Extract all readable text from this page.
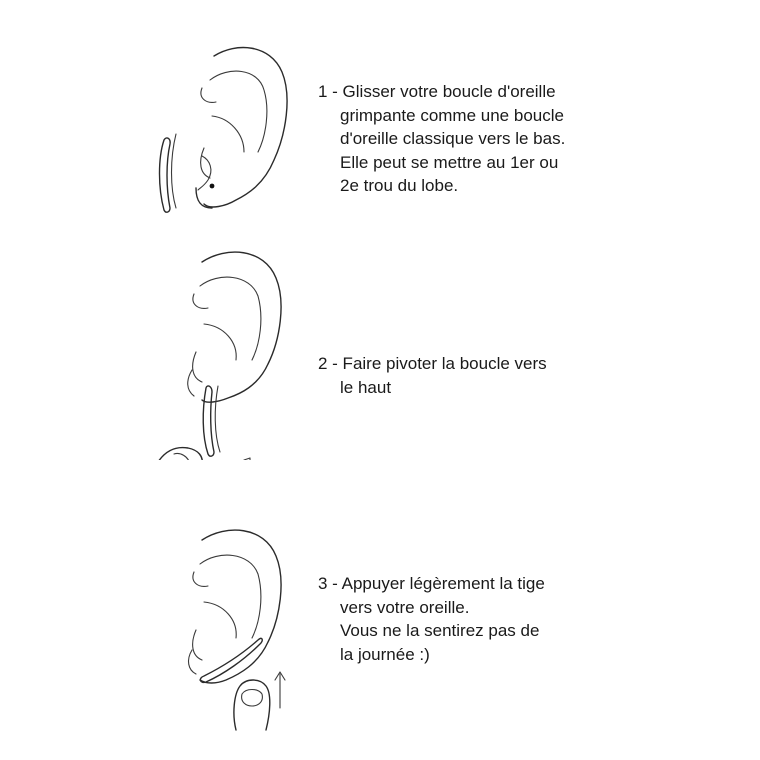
1 - Glisser votre boucle d'oreille
grimpante comme une boucle
d'oreille classique vers le bas.
Elle peut se mettre au 1er ou
2e trou du lobe.

2 - Faire pivoter la boucle vers
le haut

3 - Appuyer légèrement la tige
vers votre oreille.
Vous ne la sentirez pas de
la journée :)
